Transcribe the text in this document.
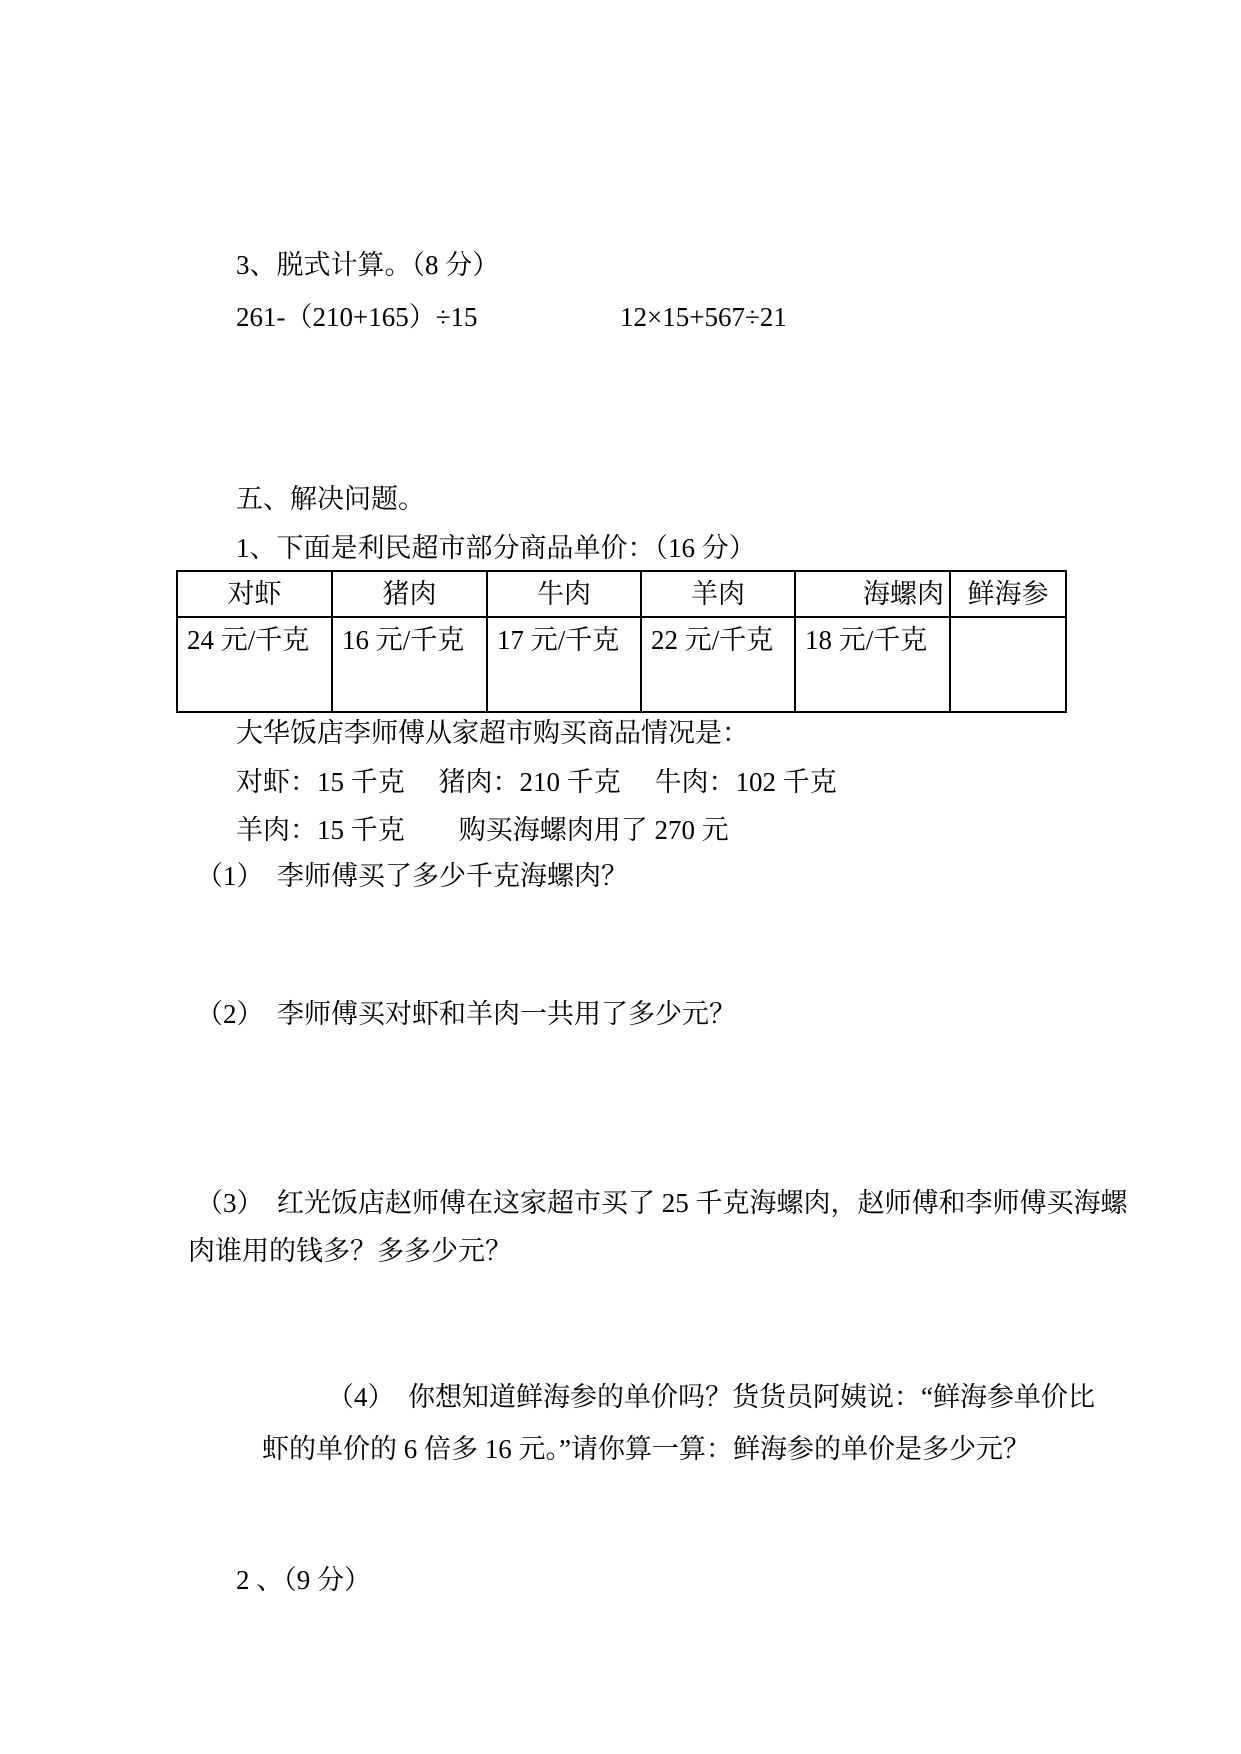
3、脱式计算。（8 分）
261-（210+165）÷15	12×15+567÷21
五、解决问题。
1、下面是利民超市部分商品单价：（16 分）
对虾	猪肉	牛肉	羊肉	海螺肉	鲜海参
24 元/千克	16 元/千克	17 元/千克	22 元/千克	18 元/千克	
大华饭店李师傅从家超市购买商品情况是：
对虾：15 千克　 猪肉：210 千克　 牛肉：102 千克
羊肉：15 千克　　购买海螺肉用了 270 元
（1） 李师傅买了多少千克海螺肉？
（2） 李师傅买对虾和羊肉一共用了多少元？
（3） 红光饭店赵师傅在这家超市买了 25 千克海螺肉，赵师傅和李师傅买海螺
肉谁用的钱多？多多少元？
（4） 你想知道鲜海参的单价吗？货货员阿姨说：“鲜海参单价比
虾的单价的 6 倍多 16 元。”请你算一算：鲜海参的单价是多少元？
2 、（9 分）
